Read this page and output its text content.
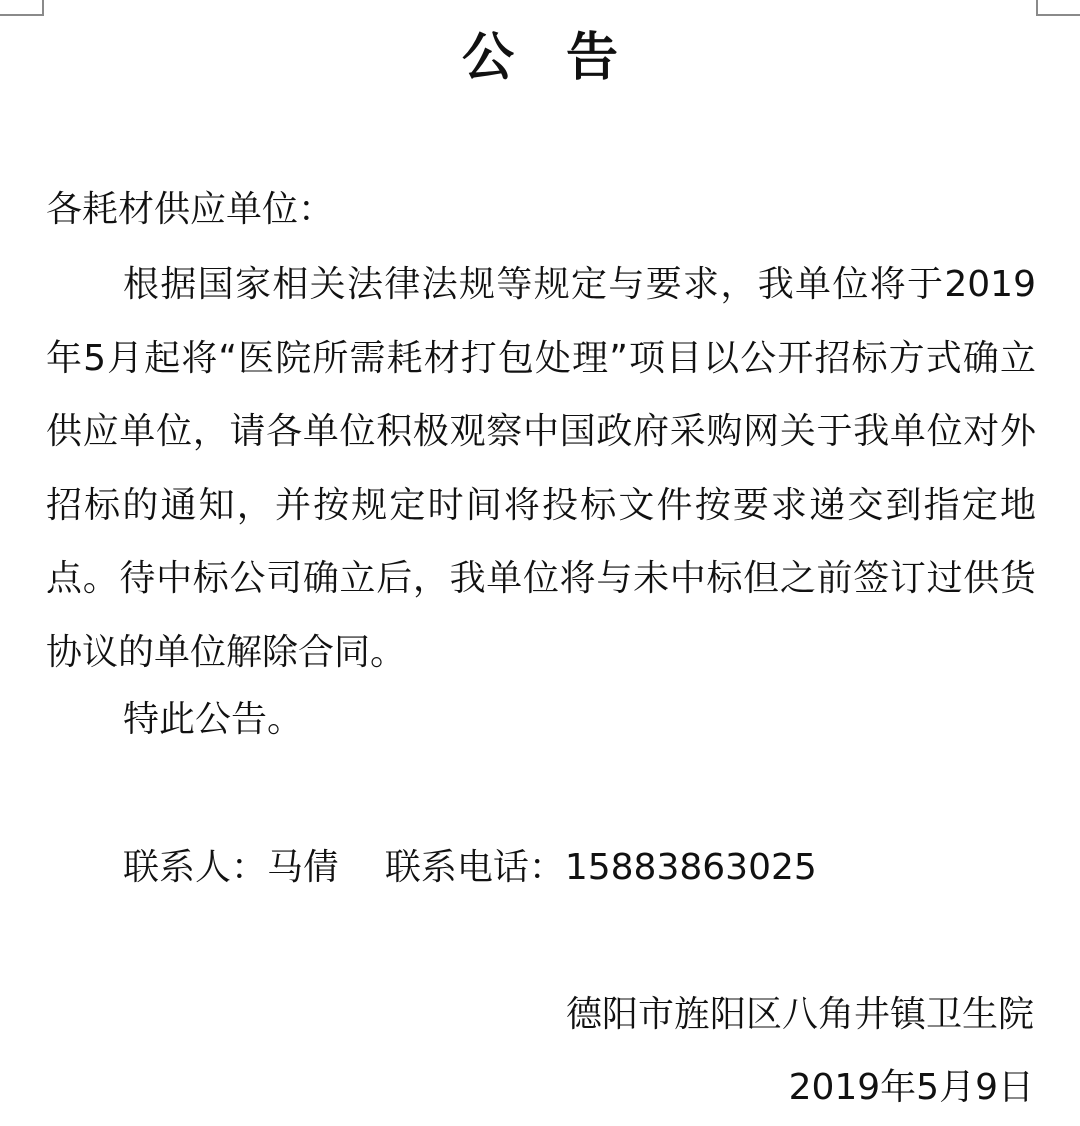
公告
各耗材供应单位：

根据国家相关法律法规等规定与要求，我单位将于2019年5月起将“医院所需耗材打包处理”项目以公开招标方式确立供应单位，请各单位积极观察中国政府采购网关于我单位对外招标的通知，并按规定时间将投标文件按要求递交到指定地点。待中标公司确立后，我单位将与未中标但之前签订过供货协议的单位解除合同。

特此公告。
联系人：马倩 联系电话：15883863025
德阳市旌阳区八角井镇卫生院
2019年5月9日
